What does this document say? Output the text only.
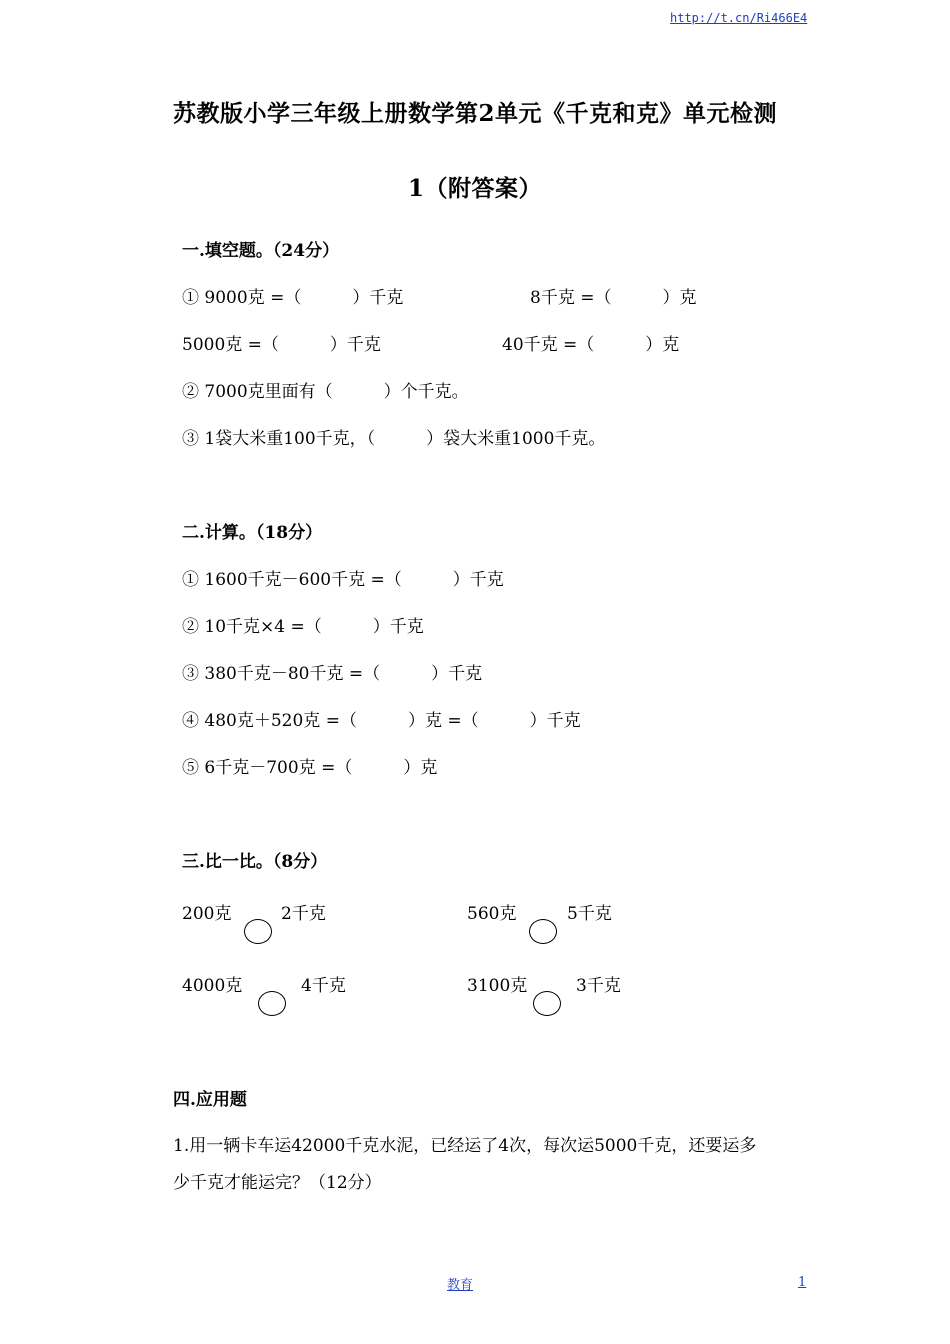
http://t.cn/Ri466E4
苏教版小学三年级上册数学第2单元《千克和克》单元检测
1（附答案）
一.填空题。（24分）
① 9000克 =（　　　）千克	8千克 =（　　　）克
5000克 =（　　　）千克	40千克 =（　　　）克
② 7000克里面有（　　　）个千克。
③ 1袋大米重100千克，（　　　）袋大米重1000千克。
二.计算。（18分）
① 1600千克－600千克 =（　　　）千克
② 10千克×4 =（　　　）千克
③ 380千克－80千克 =（　　　）千克
④ 480克＋520克 =（　　　）克 =（　　　）千克
⑤ 6千克－700克 =（　　　）克
三.比一比。（8分）
200克	2千克	560克	5千克
4000克	4千克	3100克	3千克
四.应用题
1.用一辆卡车运42000千克水泥，已经运了4次，每次运5000千克，还要运多
少千克才能运完？（12分）
教育	1
